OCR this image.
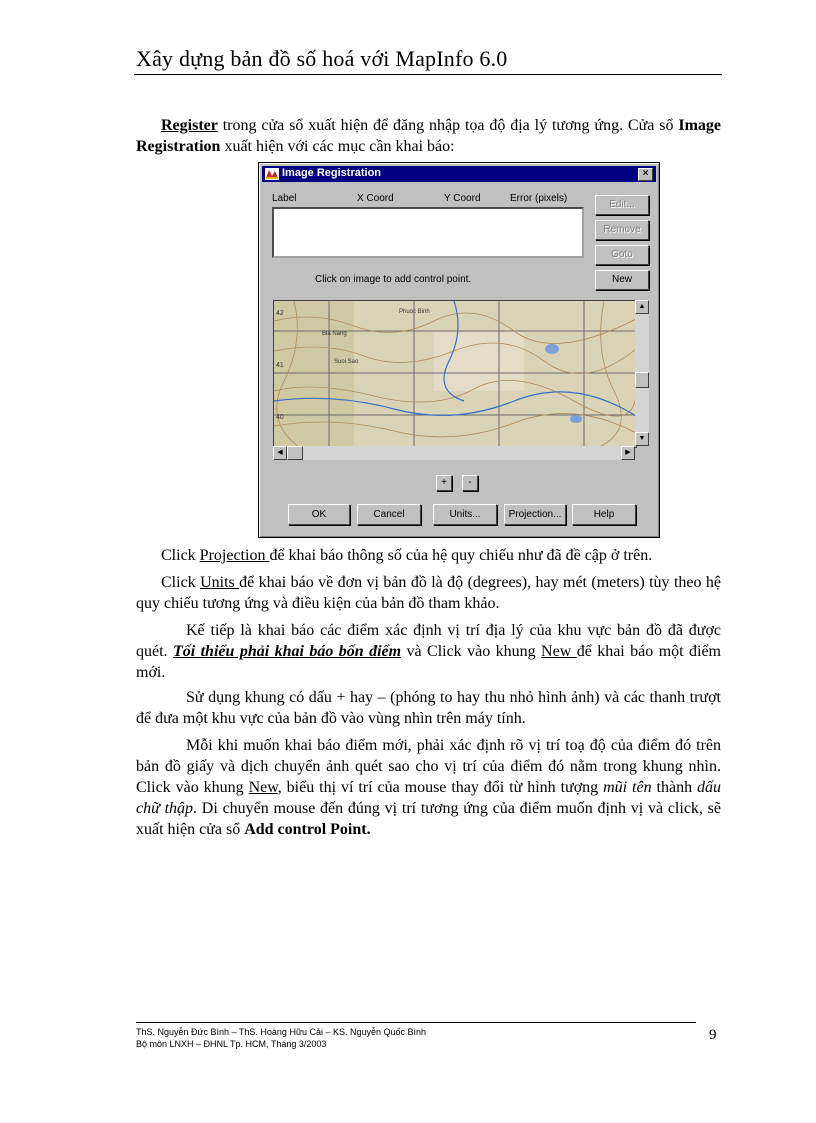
Xây dựng bản đồ số hoá với MapInfo 6.0
Register trong cửa sổ xuất hiện để đăng nhập tọa độ địa lý tương ứng. Cửa sổ Image Registration xuất hiện với các mục cần khai báo:
Image Registration	×
Label	X Coord	Y Coord	Error (pixels)
Edit...
Remove
Goto
New
Click on image to add control point.
42
41
40
Bla Nang
Phuoc Binh
Suoi Sao
▲
▼
◀	▶
+	-
OK	Cancel	Units...	Projection...	Help
Click Projection để khai báo thông số của hệ quy chiếu như đã đề cập ở trên.
Click Units để khai báo về đơn vị bản đồ là độ (degrees), hay mét (meters) tùy theo hệ quy chiếu tương ứng và điều kiện của bản đồ tham khảo.
Kế tiếp là khai báo các điểm xác định vị trí địa lý của khu vực bản đồ đã được quét. Tối thiểu phải khai báo bốn điểm và Click vào khung New để khai báo một điểm mới.
Sử dụng khung có dấu + hay – (phóng to hay thu nhỏ hình ảnh) và các thanh trượt để đưa một khu vực của bản đồ vào vùng nhìn trên máy tính.
Mỗi khi muốn khai báo điểm mới, phải xác định rõ vị trí toạ độ của điểm đó trên bản đồ giấy và dịch chuyển ảnh quét sao cho vị trí của điểm đó nằm trong khung nhìn. Click vào khung New, biểu thị ví trí của mouse thay đổi từ hình tượng mũi tên thành dấu chữ thập. Di chuyển mouse đến đúng vị trí tương ứng của điểm muốn định vị và click, sẽ xuất hiện cửa sổ Add control Point.
ThS. Nguyễn Đức Bình – ThS. Hoàng Hữu Cải – KS. Nguyễn Quốc Bình
Bộ môn LNXH – ĐHNL Tp. HCM, Tháng 3/2003
9
